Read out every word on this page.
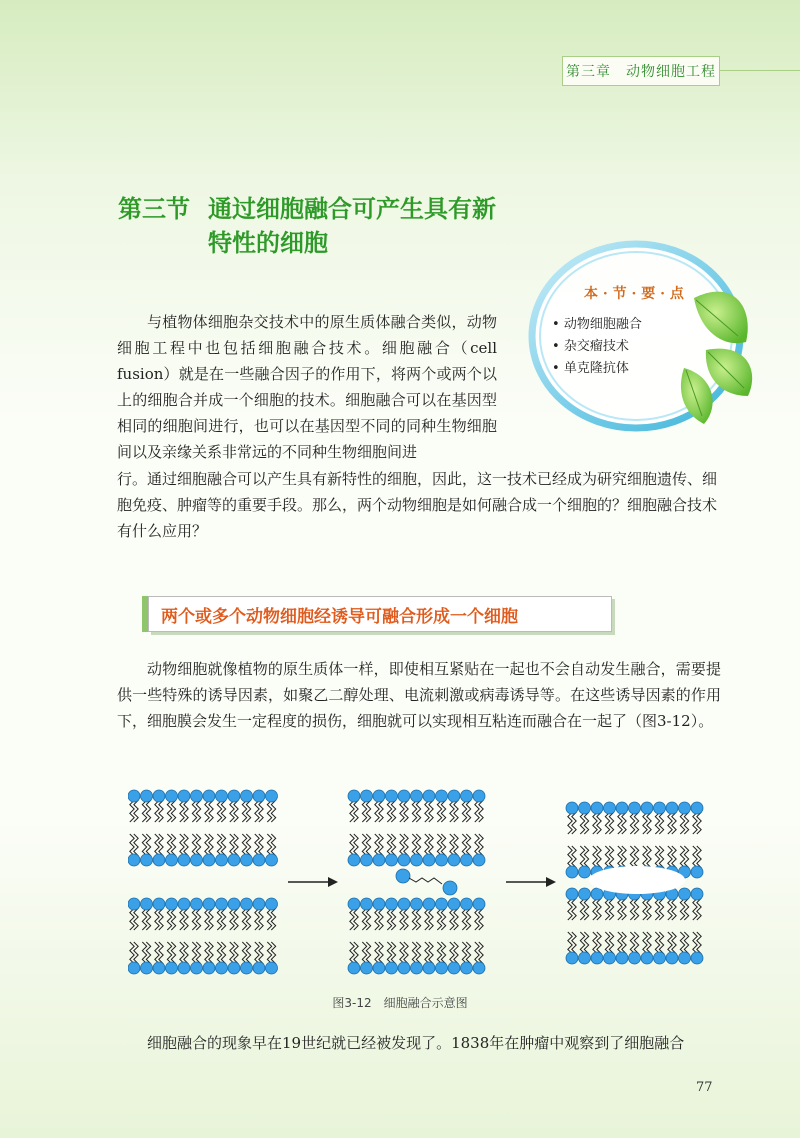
第三章　动物细胞工程
第三节 通过细胞融合可产生具有新
特性的细胞
本 · 节 · 要 · 点
• 动物细胞融合
• 杂交瘤技术
• 单克隆抗体

与植物体细胞杂交技术中的原生质体融合类似，动物细胞工程中也包括细胞融合技术。细胞融合（cell fusion）就是在一些融合因子的作用下，将两个或两个以上的细胞合并成一个细胞的技术。细胞融合可以在基因型相同的细胞间进行，也可以在基因型不同的同种生物细胞间以及亲缘关系非常远的不同种生物细胞间进

行。通过细胞融合可以产生具有新特性的细胞，因此，这一技术已经成为研究细胞遗传、细胞免疫、肿瘤等的重要手段。那么，两个动物细胞是如何融合成一个细胞的？细胞融合技术有什么应用？
两个或多个动物细胞经诱导可融合形成一个细胞

动物细胞就像植物的原生质体一样，即使相互紧贴在一起也不会自动发生融合，需要提供一些特殊的诱导因素，如聚乙二醇处理、电流刺激或病毒诱导等。在这些诱导因素的作用下，细胞膜会发生一定程度的损伤，细胞就可以实现相互粘连而融合在一起了（图3-12）。

图3-12　细胞融合示意图

细胞融合的现象早在19世纪就已经被发现了。1838年在肿瘤中观察到了细胞融合

77
